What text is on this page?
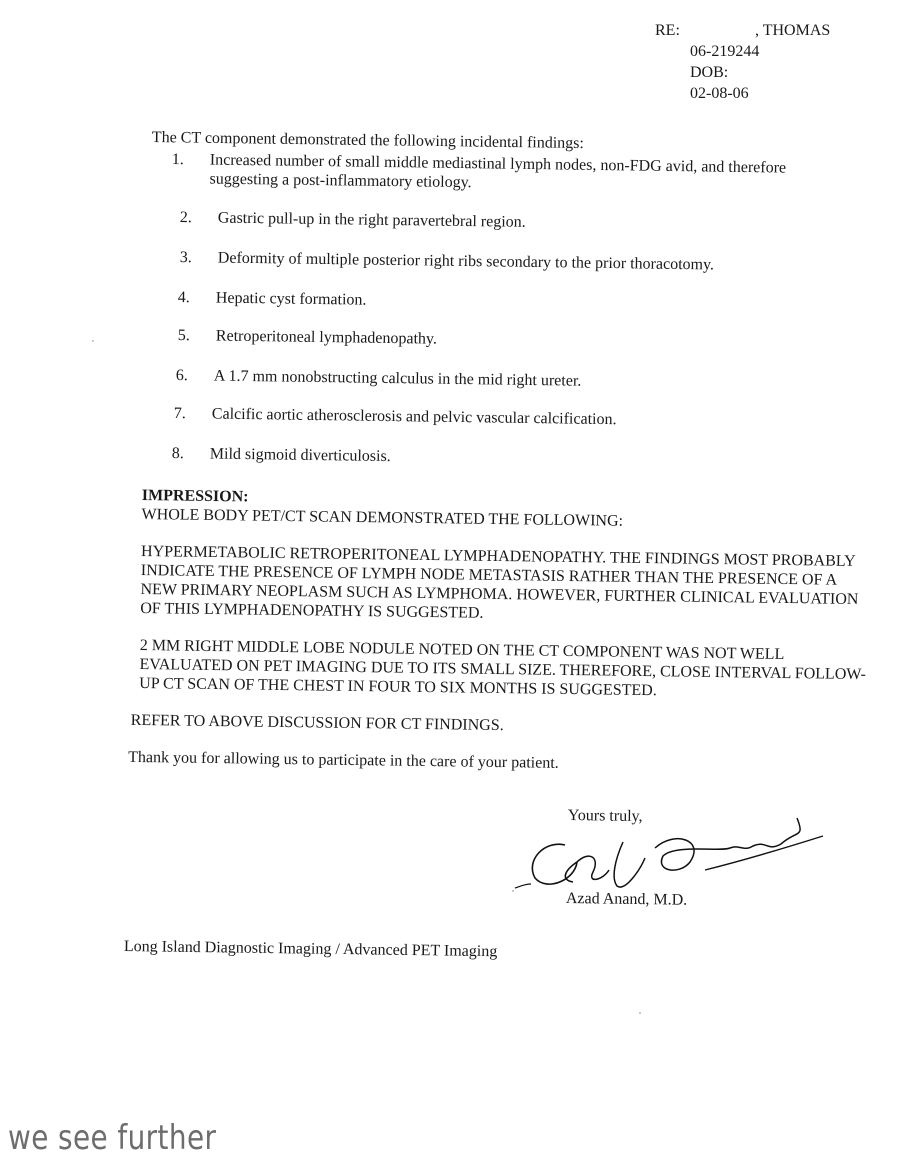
RE:	, THOMAS
06-219244
DOB:
02-08-06
The CT component demonstrated the following incidental findings:
1.	Increased number of small middle mediastinal lymph nodes, non-FDG avid, and therefore suggesting a post-inflammatory etiology.
2.	Gastric pull-up in the right paravertebral region.
3.	Deformity of multiple posterior right ribs secondary to the prior thoracotomy.
4.	Hepatic cyst formation.
5.	Retroperitoneal lymphadenopathy.
6.	A 1.7 mm nonobstructing calculus in the mid right ureter.
7.	Calcific aortic atherosclerosis and pelvic vascular calcification.
8.	Mild sigmoid diverticulosis.
IMPRESSION:
WHOLE BODY PET/CT SCAN DEMONSTRATED THE FOLLOWING:
HYPERMETABOLIC RETROPERITONEAL LYMPHADENOPATHY. THE FINDINGS MOST PROBABLY INDICATE THE PRESENCE OF LYMPH NODE METASTASIS RATHER THAN THE PRESENCE OF A NEW PRIMARY NEOPLASM SUCH AS LYMPHOMA. HOWEVER, FURTHER CLINICAL EVALUATION OF THIS LYMPHADENOPATHY IS SUGGESTED.
2 MM RIGHT MIDDLE LOBE NODULE NOTED ON THE CT COMPONENT WAS NOT WELL EVALUATED ON PET IMAGING DUE TO ITS SMALL SIZE. THEREFORE, CLOSE INTERVAL FOLLOW-UP CT SCAN OF THE CHEST IN FOUR TO SIX MONTHS IS SUGGESTED.
REFER TO ABOVE DISCUSSION FOR CT FINDINGS.
Thank you for allowing us to participate in the care of your patient.
Yours truly,
Azad Anand, M.D.
Long Island Diagnostic Imaging / Advanced PET Imaging
we see further
